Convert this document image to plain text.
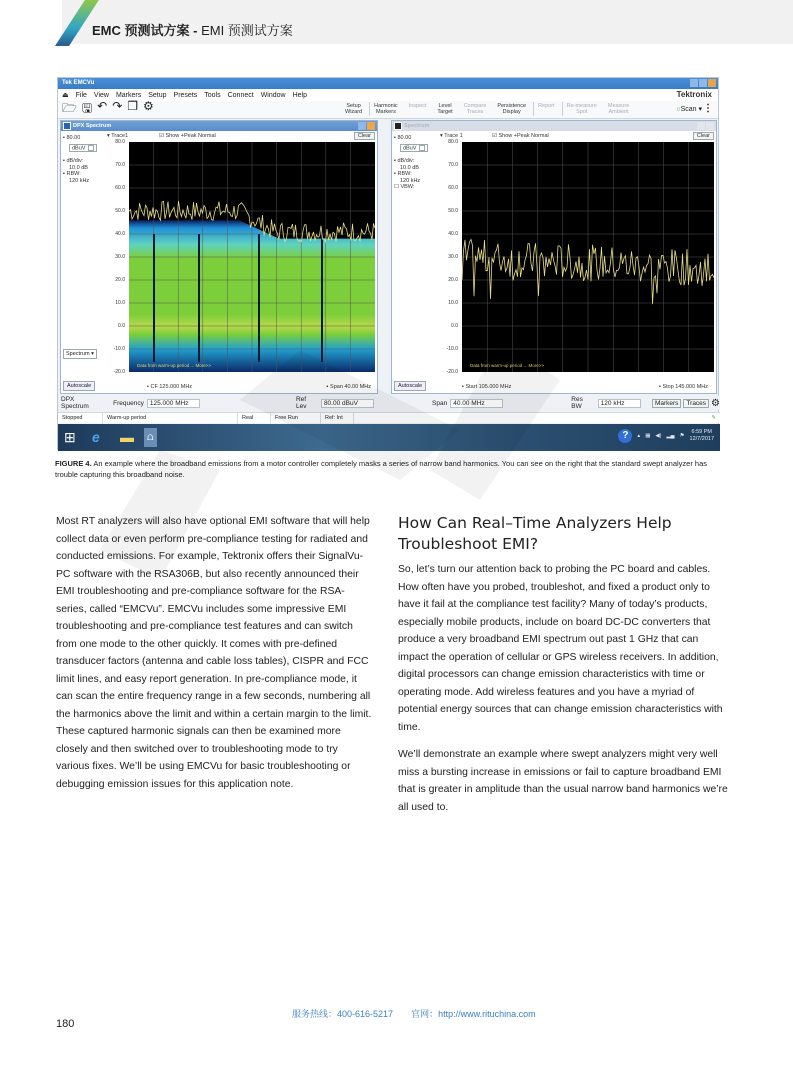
EMC 预测试方案 - EMI 预测试方案
Tek EMCVu
⏏ File View Markers Setup Presets Tools Connect Window Help	Tektronix
🗁 🖫 ↶ ↷ ❐ ⚙	Setup
Wizard
Harmonic
Markers
Inspect Level
Target
Compare
Traces
Persistence
Display
Report Re-measure
Spot
Measure
Ambient	○Scan ▾ ⋮
DPX Spectrum
▪ 80.00
dBuV
▪ dB/div:
10.0 dB
▪ RBW:
120 kHz
Spectrum ▾
Autoscale
▾ Trace1	☑ Show +Peak Normal	Clear
80.0
70.0
60.0
50.0
40.0
30.0
20.0
10.0
0.0
-10.0
-20.0
Data from warm-up period ... More>>
▪ CF 125.000 MHz	▪ Span 40.00 MHz
Spectrum
▪ 80.00
dBuV
▪ dB/div:
10.0 dB
▪ RBW:
120 kHz
☐ VBW:
Autoscale
▾ Trace 1	☑ Show +Peak Normal	Clear
80.0
70.0
60.0
50.0
40.0
30.0
20.0
10.0
0.0
-10.0
-20.0
Data from warm-up period ... More>>
▪ Start 105.000 MHz	▪ Stop 145.000 MHz
DPX Spectrum	Frequency 125.000 MHz	Ref Lev	80.00 dBuV	Span 40.00 MHz	Res BW	120 kHz	Markers	Traces ⚙
Stopped	Warm-up period	Real	Free Run	Ref: Int	✎
⊞ e ▬	⩍	?	▴ ▦ ◀) ▂▄ ⚑
6:59 PM
12/7/2017
FIGURE 4. An example where the broadband emissions from a motor controller completely masks a series of narrow band harmonics. You can see on the right that the standard swept analyzer has trouble capturing this broadband noise.

Most RT analyzers will also have optional EMI software that will help collect data or even perform pre-compliance testing for radiated and conducted emissions. For example, Tektronix offers their SignalVu-PC software with the RSA306B, but also recently announced their EMI troubleshooting and pre-compliance software for the RSA-series, called “EMCVu”. EMCVu includes some impressive EMI troubleshooting and pre-compliance test features and can switch from one mode to the other quickly. It comes with pre-defined transducer factors (antenna and cable loss tables), CISPR and FCC limit lines, and easy report generation. In pre-compliance mode, it can scan the entire frequency range in a few seconds, numbering all the harmonics above the limit and within a certain margin to the limit. These captured harmonic signals can then be examined more closely and then switched over to troubleshooting mode to try various fixes. We’ll be using EMCVu for basic troubleshooting or debugging emission issues for this application note.

How Can Real–Time Analyzers Help Troubleshoot EMI?

So, let’s turn our attention back to probing the PC board and cables. How often have you probed, troubleshot, and fixed a product only to have it fail at the compliance test facility? Many of today’s products, especially mobile products, include on board DC-DC converters that produce a very broadband EMI spectrum out past 1 GHz that can impact the operation of cellular or GPS wireless receivers. In addition, digital processors can change emission characteristics with time or operating mode. Add wireless features and you have a myriad of potential energy sources that can change emission characteristics with time.

We’ll demonstrate an example where swept analyzers might very well miss a bursting increase in emissions or fail to capture broadband EMI that is greater in amplitude than the usual narrow band harmonics we’re all used to.

服务热线：400-616-5217 官网：http://www.rituchina.com
180
